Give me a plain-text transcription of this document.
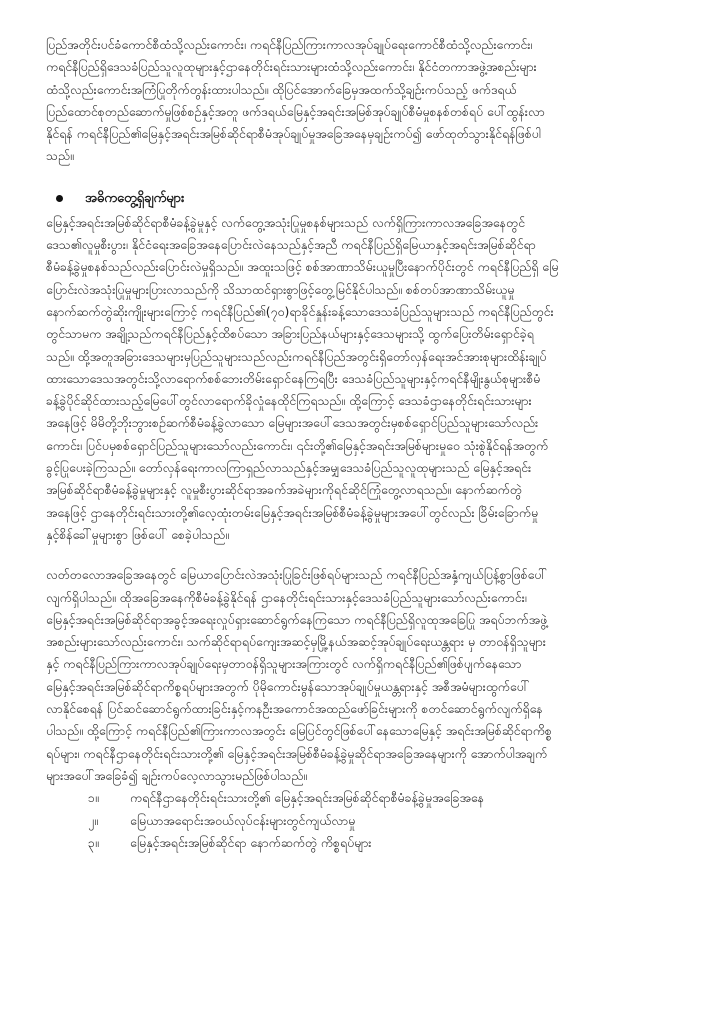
ပြည်အတိုင်းပင်ခံကောင်စီထံသို့လည်းကောင်း၊ ကရင်နီပြည်ကြားကာလအုပ်ချုပ်ရေးကောင်စီထံသို့လည်းကောင်း၊
ကရင်နီပြည်ရှိဒေသခံပြည်သူလူထုများနှင့်ဌာနေတိုင်းရင်းသားများထံသို့လည်းကောင်း၊ နိုင်ငံတကာအဖွဲ့အစည်းများ
ထံသို့လည်းကောင်းအကြံပြုတိုက်တွန်းထားပါသည်။ ထိုပြင်အောက်ခြေမှအထက်သို့ချဉ်းကပ်သည့် ဖက်ဒရယ်
ပြည်ထောင်စုတည်ဆောက်မှုဖြစ်စဉ်နှင့်အတူ ဖက်ဒရယ်မြေနှင့်အရင်းအမြစ်အုပ်ချုပ်စီမံမှုစနစ်တစ်ရပ် ပေါ်ထွန်းလာ
နိုင်ရန် ကရင်နီပြည်၏မြေနှင့်အရင်းအမြစ်ဆိုင်ရာစီမံအုပ်ချုပ်မှုအခြေအနေမှချဉ်းကပ်၍ ဖော်ထုတ်သွားနိုင်ရန်ဖြစ်ပါ
သည်။

အဓိကတွေ့ရှိချက်များ

မြေနှင့်အရင်းအမြစ်ဆိုင်ရာစီမံခန့်ခွဲမှုနှင့် လက်တွေ့အသုံးပြုမှုစနစ်များသည် လက်ရှိကြားကာလအခြေအနေတွင်
ဒေသ၏လူမှုစီးပွား၊ နိုင်ငံရေးအခြေအနေပြောင်းလဲနေသည်နှင့်အညီ ကရင်နီပြည်ရှိမြေယာနှင့်အရင်းအမြစ်ဆိုင်ရာ
စီမံခန့်ခွဲမှုစနစ်သည်လည်းပြောင်းလဲမှုရှိသည်။ အထူးသဖြင့် စစ်အာဏာသိမ်းယူမှုပြီးနောက်ပိုင်းတွင် ကရင်နီပြည်ရှိ မြေ
ပြောင်းလဲအသုံးပြုမှုများပြားလာသည်ကို သိသာထင်ရှားစွာဖြင့်တွေ့မြင်နိုင်ပါသည်။ စစ်တပ်အာဏာသိမ်းယူမှု
နောက်ဆက်တွဲဆိုးကျိုးများကြောင့် ကရင်နီပြည်၏(၇၀)ရာခိုင်နှုန်းခန့်သောဒေသခံပြည်သူများသည် ကရင်နီပြည်တွင်း
တွင်သာမက အချို့သည်ကရင်နီပြည်နှင့်ထိစပ်သော အခြားပြည်နယ်များနှင့်ဒေသများသို့ ထွက်ပြေးတိမ်းရှောင်ခဲ့ရ
သည်။ ထို့အတူအခြားဒေသများမှပြည်သူများသည်လည်းကရင်နီပြည်အတွင်းရှိတော်လှန်ရေးအင်အားစုများထိန်းချုပ်
ထားသောဒေသအတွင်းသို့လာရောက်စစ်ဘေးတိမ်းရှောင်နေကြရပြီး ဒေသခံပြည်သူများနှင့်ကရင်နီမျိုးနွယ်စုများစီမံ
ခန့်ခွဲပိုင်ဆိုင်ထားသည့်မြေပေါ်တွင်လာရောက်ခိုလှုံနေထိုင်ကြရသည်။ ထို့ကြောင့် ဒေသခံဌာနေတိုင်းရင်းသားများ
အနေဖြင့် မိမိတို့ဘိုးဘွားစဉ်ဆက်စီမံခန့်ခွဲလာသော မြေများအပေါ်ဒေသအတွင်းမှစစ်ရှောင်ပြည်သူများသော်လည်း
ကောင်း၊ ပြင်ပမှစစ်ရှောင်ပြည်သူများသော်လည်းကောင်း၊ ၎င်းတို့၏မြေနှင့်အရင်းအမြစ်များမှုဝေ သုံးစွဲနိုင်ရန်အတွက်
ခွင့်ပြုပေးခဲ့ကြသည်။ တော်လှန်ရေးကာလကြာရှည်လာသည်နှင့်အမျှဒေသခံပြည်သူလူထုများသည် မြေနှင့်အရင်း
အမြစ်ဆိုင်ရာစီမံခန့်ခွဲမှုများနှင့် လူမှုစီးပွားဆိုင်ရာအခက်အခဲများကိုရင်ဆိုင်ကြုံတွေ့လာရသည်။ နောက်ဆက်တွဲ
အနေဖြင့် ဌာနေတိုင်းရင်းသားတို့၏လေ့ထုံးတမ်းမြေနှင့်အရင်းအမြစ်စီမံခန့်ခွဲမှုများအပေါ်တွင်လည်း ခြိမ်းခြောက်မှု
နှင့်စိန်ခေါ်မှုများစွာ ဖြစ်ပေါ် စေခဲ့ပါသည်။

လတ်တလောအခြေအနေတွင် မြေယာပြောင်းလဲအသုံးပြုခြင်းဖြစ်ရပ်များသည် ကရင်နီပြည်အနှံ့ကျယ်ပြန့်စွာဖြစ်ပေါ်
လျက်ရှိပါသည်။ ထိုအခြေအနေကိုစီမံခန့်ခွဲနိုင်ရန် ဌာနေတိုင်းရင်းသားနှင့်ဒေသခံပြည်သူများသော်လည်းကောင်း၊
မြေနှင့်အရင်းအမြစ်ဆိုင်ရာအခွင့်အရေးလှုပ်ရှားဆောင်ရွက်နေကြသော ကရင်နီပြည်ရှိလူထုအခြေပြု အရပ်ဘက်အဖွဲ့
အစည်းများသော်လည်းကောင်း၊ သက်ဆိုင်ရာရပ်ကျေးအဆင့်မှမြို့နယ်အဆင့်အုပ်ချုပ်ရေးယန္တရား မှ တာဝန်ရှိသူများ
နှင့် ကရင်နီပြည်ကြားကာလအုပ်ချုပ်ရေးမှတာဝန်ရှိသူများအကြားတွင် လက်ရှိကရင်နီပြည်၏ဖြစ်ပျက်နေသော
မြေနှင့်အရင်းအမြစ်ဆိုင်ရာကိစ္စရပ်များအတွက် ပိုမိုကောင်းမွန်သောအုပ်ချုပ်မှုယန္တရားနှင့် အစီအမံများထွက်ပေါ်
လာနိုင်စေရန် ပြင်ဆင်ဆောင်ရွက်ထားခြင်းနှင့်ကနဦးအကောင်အထည်ဖော်ခြင်းများကို စတင်ဆောင်ရွက်လျက်ရှိနေ
ပါသည်။ ထို့ကြောင့် ကရင်နီပြည်၏ကြားကာလအတွင်း မြေပြင်တွင်ဖြစ်ပေါ်နေသောမြေနှင့် အရင်းအမြစ်ဆိုင်ရာကိစ္စ
ရပ်များ၊ ကရင်နီဌာနေတိုင်းရင်းသားတို့၏ မြေနှင့်အရင်းအမြစ်စီမံခန့်ခွဲမှုဆိုင်ရာအခြေအနေများကို အောက်ပါအချက်
များအပေါ်အခြေခံ၍ ချဉ်းကပ်လေ့လာသွားမည်ဖြစ်ပါသည်။

၁။	ကရင်နီဌာနေတိုင်းရင်းသားတို့၏ မြေနှင့်အရင်းအမြစ်ဆိုင်ရာစီမံခန့်ခွဲမှုအခြေအနေ
၂။	မြေယာအရောင်းအဝယ်လုပ်ငန်းများတွင်ကျယ်လာမှု
၃။	မြေနှင့်အရင်းအမြစ်ဆိုင်ရာ နောက်ဆက်တွဲ ကိစ္စရပ်များ
